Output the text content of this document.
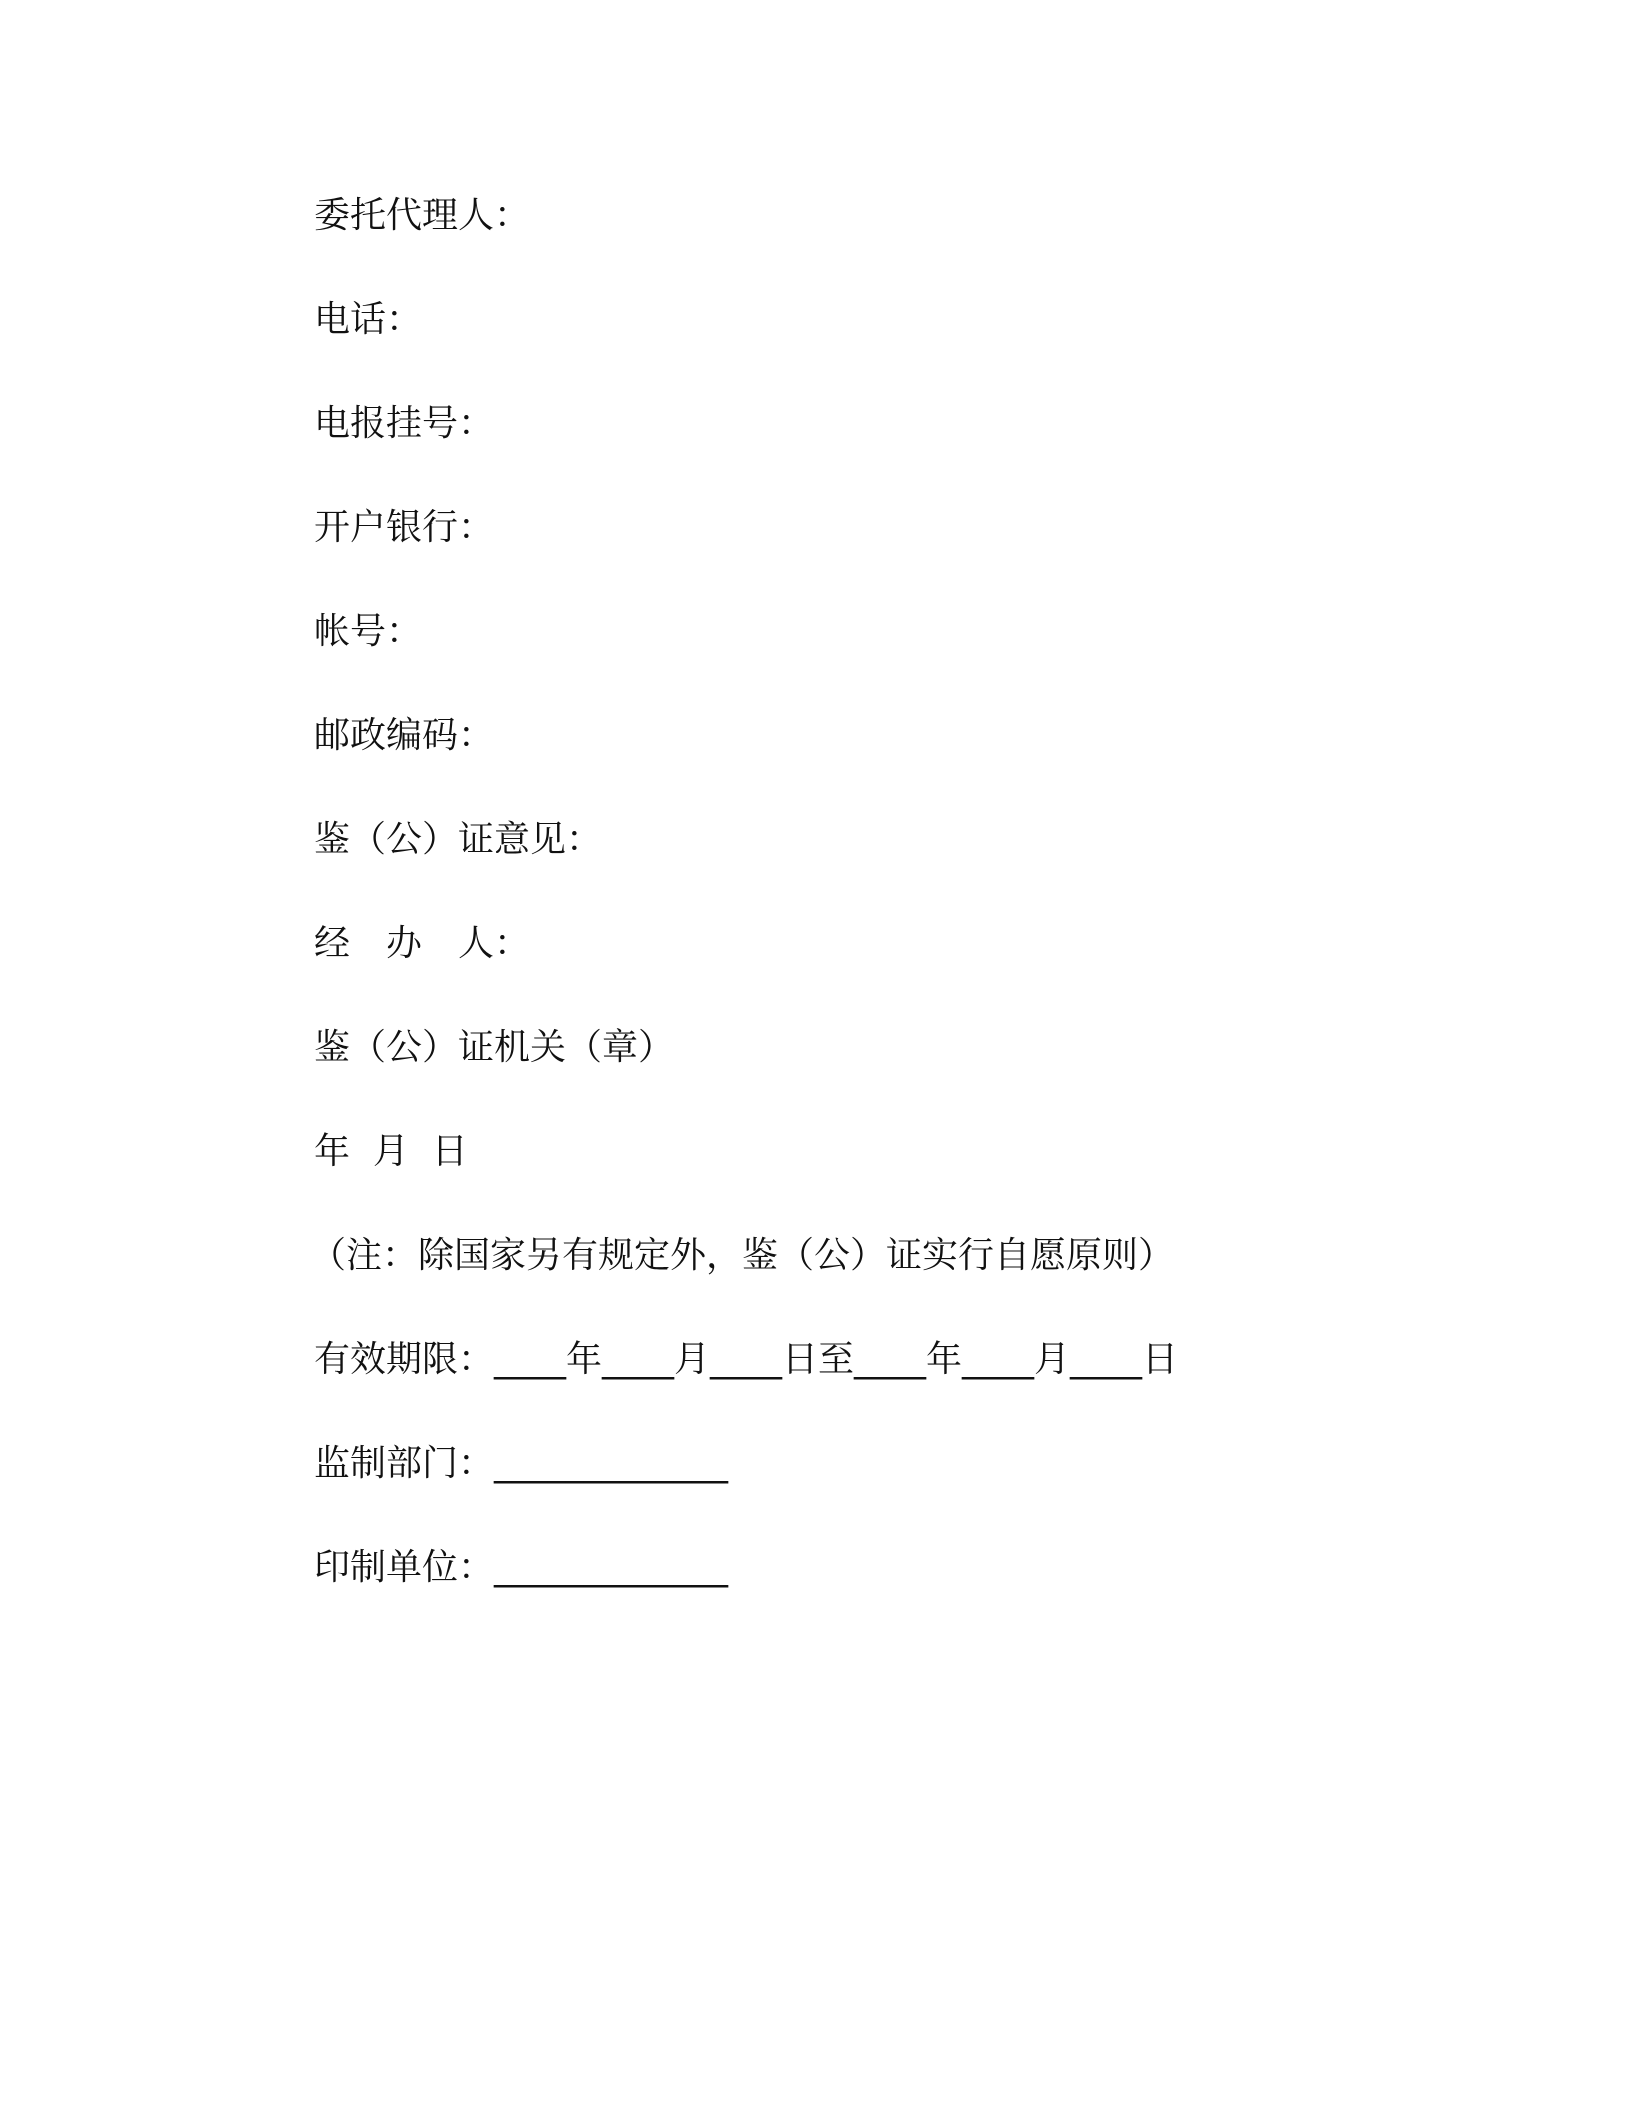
委托代理人：
电话：
电报挂号：
开户银行：
帐号：
邮政编码：
鉴（公）证意见：
经　办　人：
鉴（公）证机关（章）
年  月  日
（注：除国家另有规定外，鉴（公）证实行自愿原则）
有效期限：____年____月____日至____年____月____日
监制部门：_____________
印制单位：_____________
